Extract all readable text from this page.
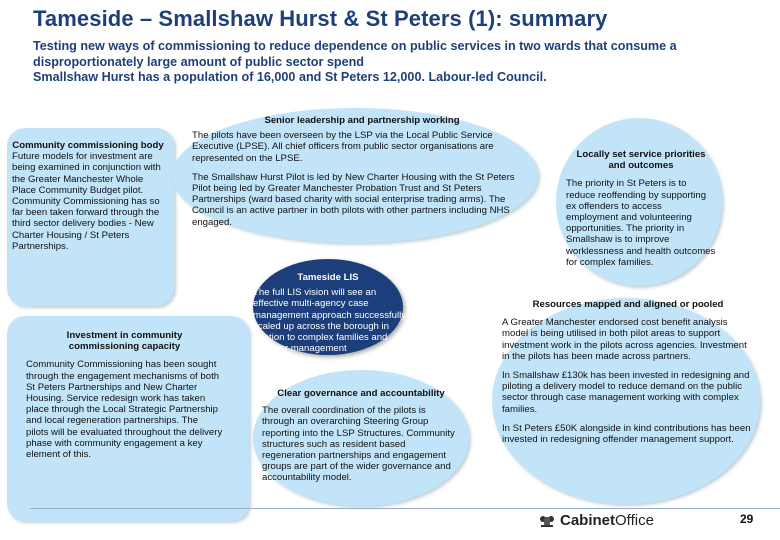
Tameside – Smallshaw Hurst & St Peters (1): summary
Testing new ways of commissioning to reduce dependence on public services in two wards that consume a
disproportionately large amount of public sector spend
Smallshaw Hurst has a population of 16,000 and St Peters 12,000. Labour-led Council.
Community commissioning body
Future models for investment are being examined in conjunction with the Greater Manchester Whole Place Community Budget pilot. Community Commissioning has so far been taken forward through the third sector delivery bodies - New Charter Housing / St Peters Partnerships.
Investment in community commissioning capacity
Community Commissioning has been sought through the engagement mechanisms of both St Peters Partnerships and New Charter Housing. Service redesign work has taken place through the Local Strategic Partnership and local regeneration partnerships. The pilots will be evaluated throughout the delivery phase with community engagement a key element of this.
Senior leadership and partnership working

The pilots have been overseen by the LSP via the Local Public Service Executive (LPSE). All chief officers from public sector organisations are represented on the LPSE.

The Smallshaw Hurst Pilot is led by New Charter Housing with the St Peters Pilot being led by Greater Manchester Probation Trust and St Peters Partnerships (ward based charity with social enterprise trading arms). The Council is an active partner in both pilots with other partners including NHS engaged.

Tameside LIS
The full LIS vision will see an effective multi-agency case management approach successfully scaled up across the borough in relation to complex families and offender management
Clear governance and accountability
The overall coordination of the pilots is through an overarching Steering Group reporting into the LSP Structures. Community structures such as resident based regeneration partnerships and engagement groups are part of the wider governance and accountability model.
Locally set service priorities and outcomes
The priority in St Peters is to reduce reoffending by supporting ex offenders to access employment and volunteering opportunities. The priority in Smallshaw is to improve worklessness and health outcomes for complex families.
Resources mapped and aligned or pooled

A Greater Manchester endorsed cost benefit analysis model is being utilised in both pilot areas to support investment work in the pilots across agencies. Investment in the pilots has been made across partners.

In Smallshaw £130k has been invested in redesigning and piloting a delivery model to reduce demand on the public sector through case management working with complex families.

In St Peters £50K alongside in kind contributions has been invested in redesigning offender management support.

CabinetOffice	29
